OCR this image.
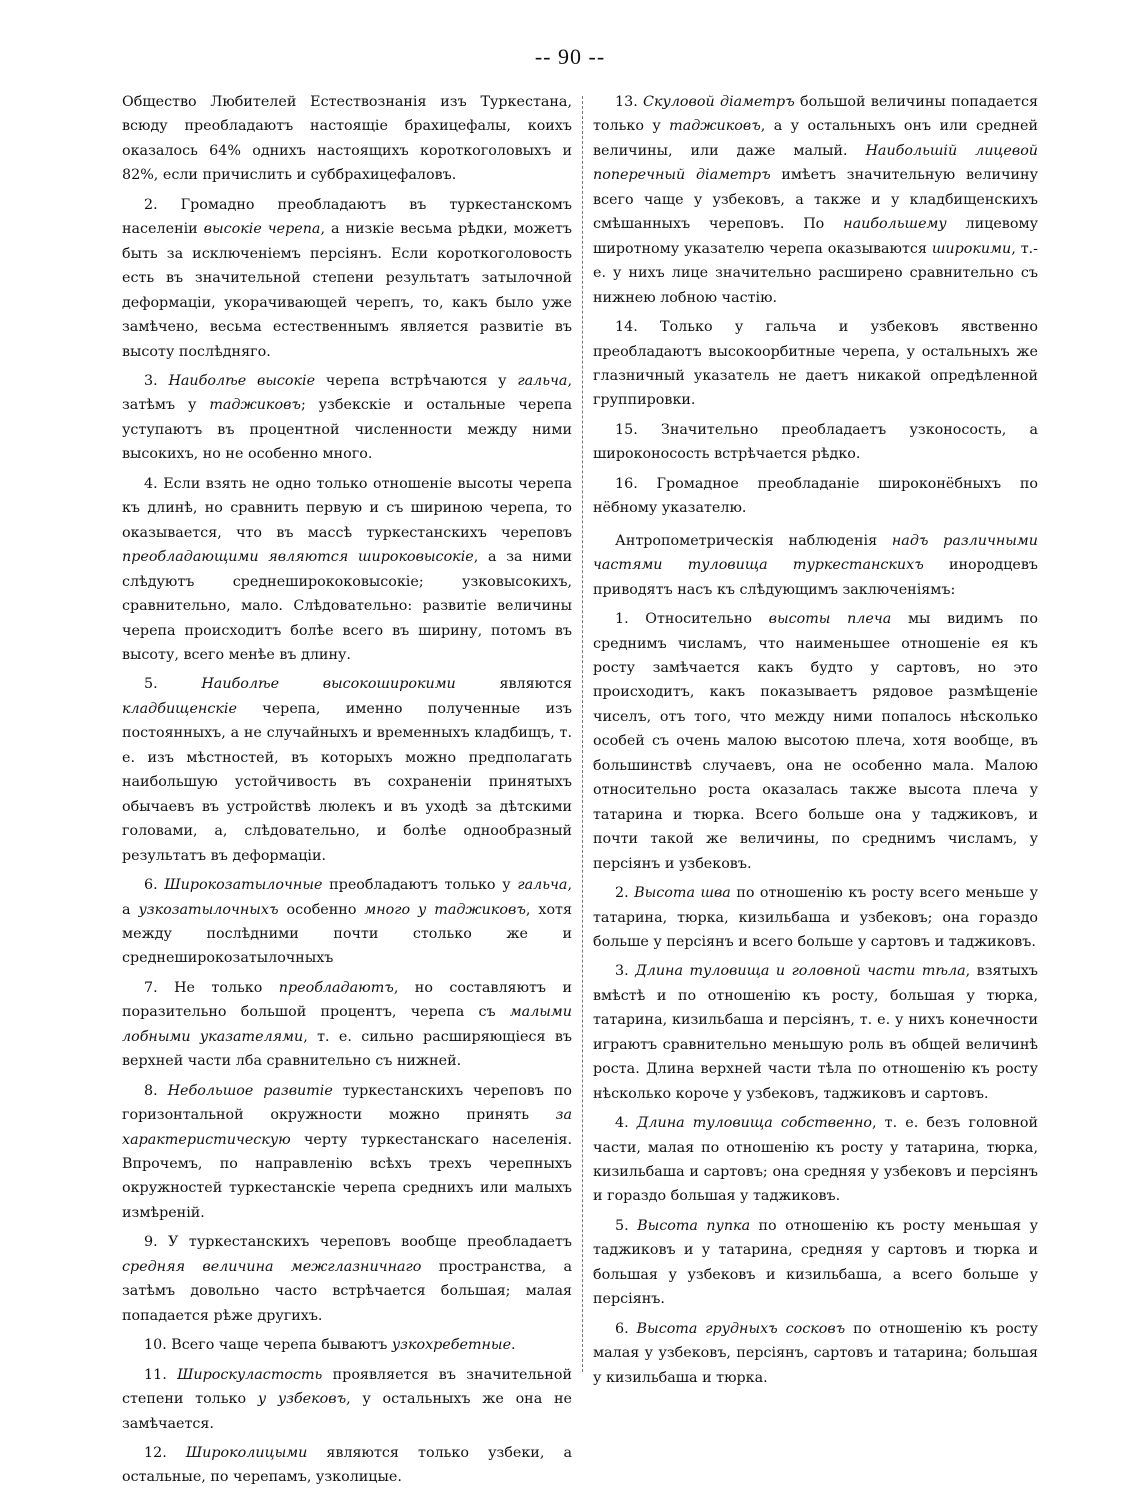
-- 90 --

Общество Любителей Естествознанія изъ Туркестана, всюду преобладаютъ настоящіе брахицефалы, коихъ оказалось 64% однихъ настоящихъ короткоголовыхъ и 82%, если причислить и суббрахицефаловъ.

2. Громадно преобладаютъ въ туркестанскомъ населеніи высокіе черепа, а низкіе весьма рѣдки, можетъ быть за исключеніемъ персіянъ. Если короткоголовость есть въ значительной степени результатъ затылочной деформаціи, укорачивающей черепъ, то, какъ было уже замѣчено, весьма естественнымъ является развитіе въ высоту послѣдняго.

3. Наиболѣе высокіе черепа встрѣчаются у гальча, затѣмъ у таджиковъ; узбекскіе и остальные черепа уступаютъ въ процентной численности между ними высокихъ, но не особенно много.

4. Если взять не одно только отношеніе высоты черепа къ длинѣ, но сравнить первую и съ шириною черепа, то оказывается, что въ массѣ туркестанскихъ череповъ преобладающими являются широковысокіе, а за ними слѣдуютъ среднеширококовысокіе; узковысокихъ, сравнительно, мало. Слѣдовательно: развитіе величины черепа происходитъ болѣе всего въ ширину, потомъ въ высоту, всего менѣе въ длину.

5. Наиболѣе высокоширокими являются кладбищенскіе черепа, именно полученные изъ постоянныхъ, а не случайныхъ и временныхъ кладбищъ, т. е. изъ мѣстностей, въ которыхъ можно предполагать наибольшую устойчивость въ сохраненіи принятыхъ обычаевъ въ устройствѣ люлекъ и въ уходѣ за дѣтскими головами, а, слѣдовательно, и болѣе однообразный результатъ въ деформаціи.

6. Широкозатылочные преобладаютъ только у гальча, а узкозатылочныхъ особенно много у таджиковъ, хотя между послѣдними почти столько же и среднеширокозатылочныхъ

7. Не только преобладаютъ, но составляютъ и поразительно большой процентъ, черепа съ малыми лобными указателями, т. е. сильно расширяющіеся въ верхней части лба сравнительно съ нижней.

8. Небольшое развитіе туркестанскихъ череповъ по горизонтальной окружности можно принять за характеристическую черту туркестанскаго населенія. Впрочемъ, по направленію всѣхъ трехъ черепныхъ окружностей туркестанскіе черепа среднихъ или малыхъ измѣреній.

9. У туркестанскихъ череповъ вообще преобладаетъ средняя величина межглазничнаго пространства, а затѣмъ довольно часто встрѣчается большая; малая попадается рѣже другихъ.

10. Всего чаще черепа бываютъ узкохребетные.

11. Широскуластость проявляется въ значительной степени только у узбековъ, у остальныхъ же она не замѣчается.

12. Широколицыми являются только узбеки, а остальные, по черепамъ, узколицые.

13. Скуловой діаметръ большой величины попадается только у таджиковъ, а у остальныхъ онъ или средней величины, или даже малый. Наибольшій лицевой поперечный діаметръ имѣетъ значительную величину всего чаще у узбековъ, а также и у кладбищенскихъ смѣшанныхъ череповъ. По наибольшему лицевому широтному указателю черепа оказываются широкими, т.-е. у нихъ лице значительно расширено сравнительно съ нижнею лобною частію.

14. Только у гальча и узбековъ явственно преобладаютъ высокоорбитные черепа, у остальныхъ же глазничный указатель не даетъ никакой опредѣленной группировки.

15. Значительно преобладаетъ узконосость, а широконосость встрѣчается рѣдко.

16. Громадное преобладаніе широконёбныхъ по нёбному указателю.

Антропометрическія наблюденія надъ различными частями туловища туркестанскихъ инородцевъ приводятъ насъ къ слѣдующимъ заключеніямъ:

1. Относительно высоты плеча мы видимъ по среднимъ числамъ, что наименьшее отношеніе ея къ росту замѣчается какъ будто у сартовъ, но это происходитъ, какъ показываетъ рядовое размѣщеніе чиселъ, отъ того, что между ними попалось нѣсколько особей съ очень малою высотою плеча, хотя вообще, въ большинствѣ случаевъ, она не особенно мала. Малою относительно роста оказалась также высота плеча у татарина и тюрка. Всего больше она у таджиковъ, и почти такой же величины, по среднимъ числамъ, у персіянъ и узбековъ.

2. Высота шва по отношенію къ росту всего меньше у татарина, тюрка, кизильбаша и узбековъ; она гораздо больше у персіянъ и всего больше у сартовъ и таджиковъ.

3. Длина туловища и головной части тѣла, взятыхъ вмѣстѣ и по отношенію къ росту, большая у тюрка, татарина, кизильбаша и персіянъ, т. е. у нихъ конечности играютъ сравнительно меньшую роль въ общей величинѣ роста. Длина верхней части тѣла по отношенію къ росту нѣсколько короче у узбековъ, таджиковъ и сартовъ.

4. Длина туловища собственно, т. е. безъ головной части, малая по отношенію къ росту у татарина, тюрка, кизильбаша и сартовъ; она средняя у узбековъ и персіянъ и гораздо большая у таджиковъ.

5. Высота пупка по отношенію къ росту меньшая у таджиковъ и у татарина, средняя у сартовъ и тюрка и большая у узбековъ и кизильбаша, а всего больше у персіянъ.

6. Высота грудныхъ сосковъ по отношенію къ росту малая у узбековъ, персіянъ, сартовъ и татарина; большая у кизильбаша и тюрка.
